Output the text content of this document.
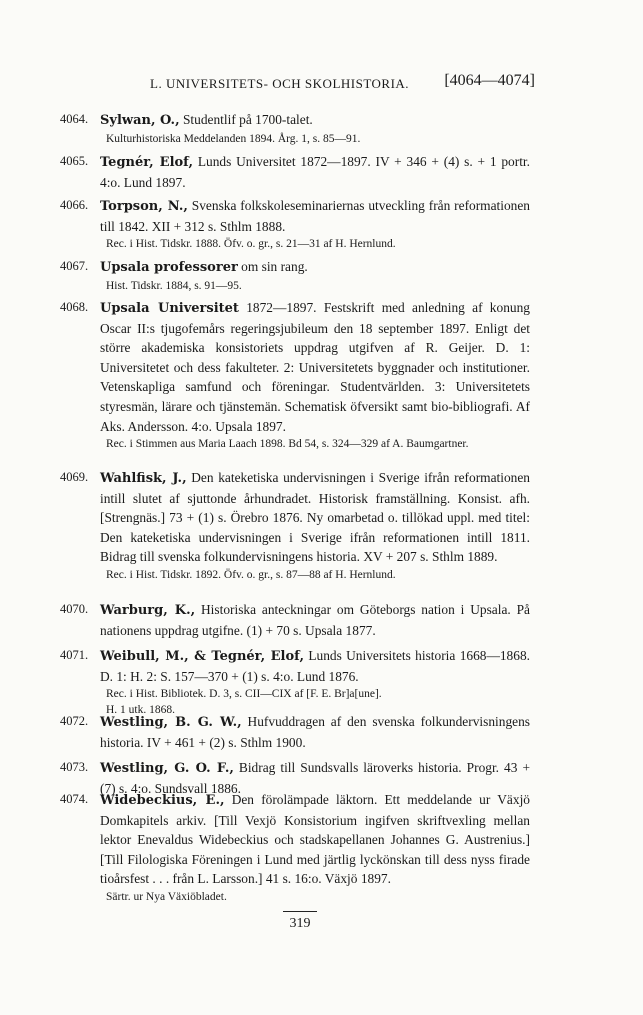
L. UNIVERSITETS- OCH SKOLHISTORIA. [4064—4074]
4064. Sylwan, O., Studentlif på 1700-talet.
Kulturhistoriska Meddelanden 1894. Årg. 1, s. 85—91.
4065. Tegnér, Elof, Lunds Universitet 1872—1897. IV + 346 + (4) s. + 1 portr. 4:o. Lund 1897.
4066. Torpson, N., Svenska folkskoleseminariernas utveckling från reformationen till 1842. XII + 312 s. Sthlm 1888.
Rec. i Hist. Tidskr. 1888. Öfv. o. gr., s. 21—31 af H. Hernlund.
4067. Upsala professorer om sin rang.
Hist. Tidskr. 1884, s. 91—95.
4068. Upsala Universitet 1872—1897. Festskrift med anledning af konung Oscar II:s tjugofemårs regeringsjubileum den 18 september 1897. Enligt det större akademiska konsistoriets uppdrag utgifven af R. Geijer. D. 1: Universitetet och dess fakulteter. 2: Universitetets byggnader och institutioner. Vetenskapliga samfund och föreningar. Studentvärlden. 3: Universitetets styresmän, lärare och tjänstemän. Schematisk öfversikt samt bio-bibliografi. Af Aks. Andersson. 4:o. Upsala 1897.
Rec. i Stimmen aus Maria Laach 1898. Bd 54, s. 324—329 af A. Baumgartner.
4069. Wahlfisk, J., Den kateketiska undervisningen i Sverige ifrån reformationen intill slutet af sjuttonde århundradet. Historisk framställning. Konsist. afh. [Strengnäs.] 73 + (1) s. Örebro 1876. Ny omarbetad o. tillökad uppl. med titel: Den kateketiska undervisningen i Sverige ifrån reformationen intill 1811. Bidrag till svenska folkundervisningens historia. XV + 207 s. Sthlm 1889.
Rec. i Hist. Tidskr. 1892. Öfv. o. gr., s. 87—88 af H. Hernlund.
4070. Warburg, K., Historiska anteckningar om Göteborgs nation i Upsala. På nationens uppdrag utgifne. (1) + 70 s. Upsala 1877.
4071. Weibull, M., & Tegnér, Elof, Lunds Universitets historia 1668—1868. D. 1: H. 2: S. 157—370 + (1) s. 4:o. Lund 1876.
Rec. i Hist. Bibliotek. D. 3, s. CII—CIX af [F. E. Br]a[une].
H. 1 utk. 1868.
4072. Westling, B. G. W., Hufvuddragen af den svenska folkundervisningens historia. IV + 461 + (2) s. Sthlm 1900.
4073. Westling, G. O. F., Bidrag till Sundsvalls läroverks historia. Progr. 43 + (7) s. 4:o. Sundsvall 1886.
4074. Widebeckius, E., Den förolämpade läktorn. Ett meddelande ur Växjö Domkapitels arkiv. [Till Vexjö Konsistorium ingifven skriftvexling mellan lektor Enevaldus Widebeckius och stadskapellanen Johannes G. Austrenius.] [Till Filologiska Föreningen i Lund med järtlig lyckönskan till dess nyss firade tioårsfest . . . från L. Larsson.] 41 s. 16:o. Växjö 1897.
Särtr. ur Nya Växiöbladet.
319
